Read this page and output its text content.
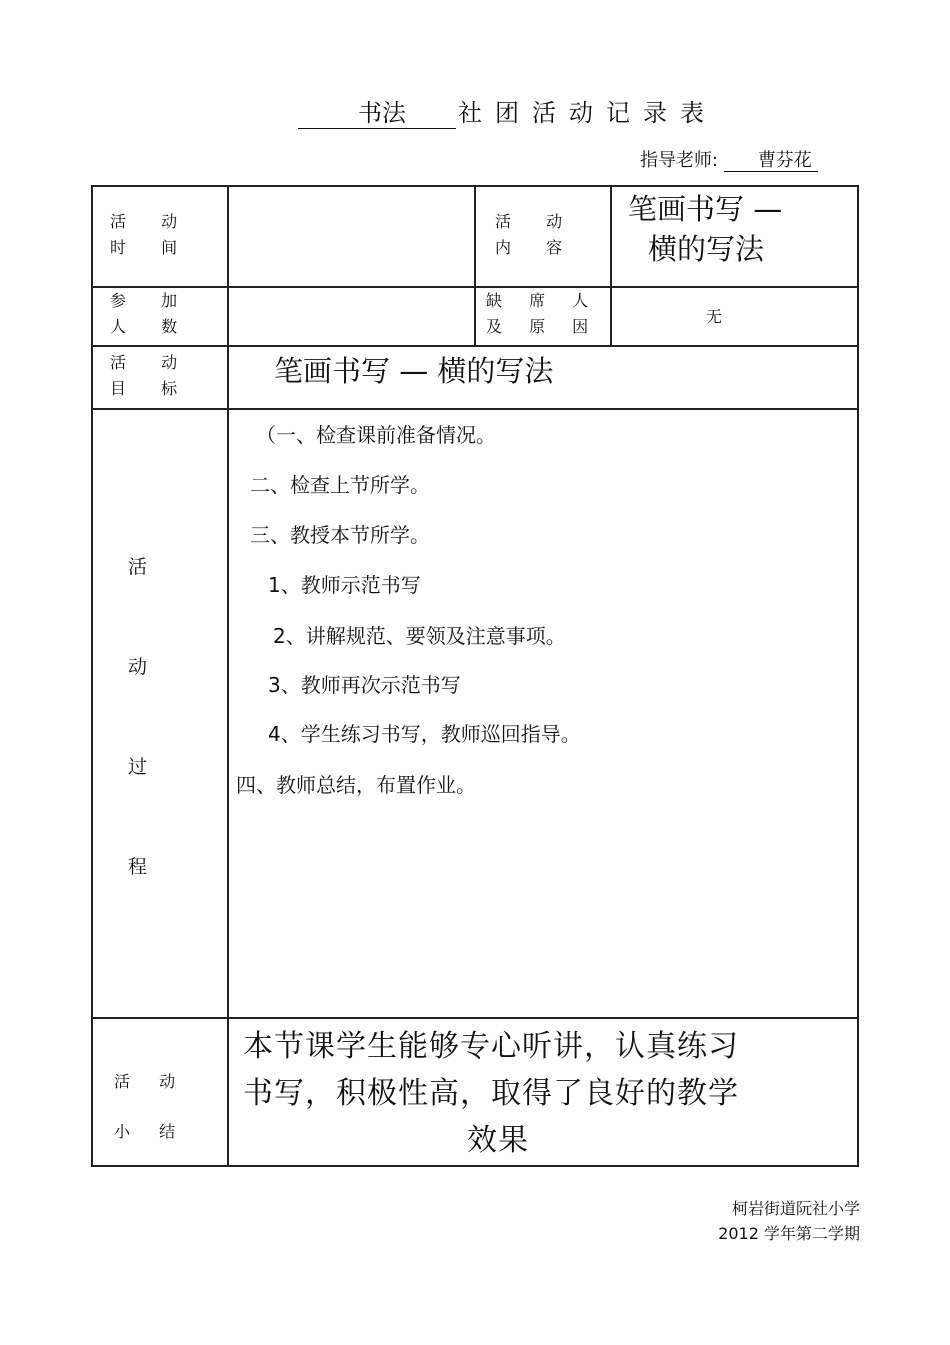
书法 社团活动记录表
指导老师: 曹芬花
活 动
时 间
活 动
内 容
笔画书写 —
横的写法
参 加
人 数
缺 席 人
及 原 因
无
活 动
目 标
笔画书写 — 横的写法
活
动
过
程
（一、检查课前准备情况。
二、检查上节所学。
三、教授本节所学。
1、教师示范书写
2、讲解规范、要领及注意事项。
3、教师再次示范书写
4、学生练习书写，教师巡回指导。
四、教师总结，布置作业。
活 动
小 结
本节课学生能够专心听讲，认真练习
书写，积极性高，取得了良好的教学
效果
柯岩街道阮社小学
2012 学年第二学期
